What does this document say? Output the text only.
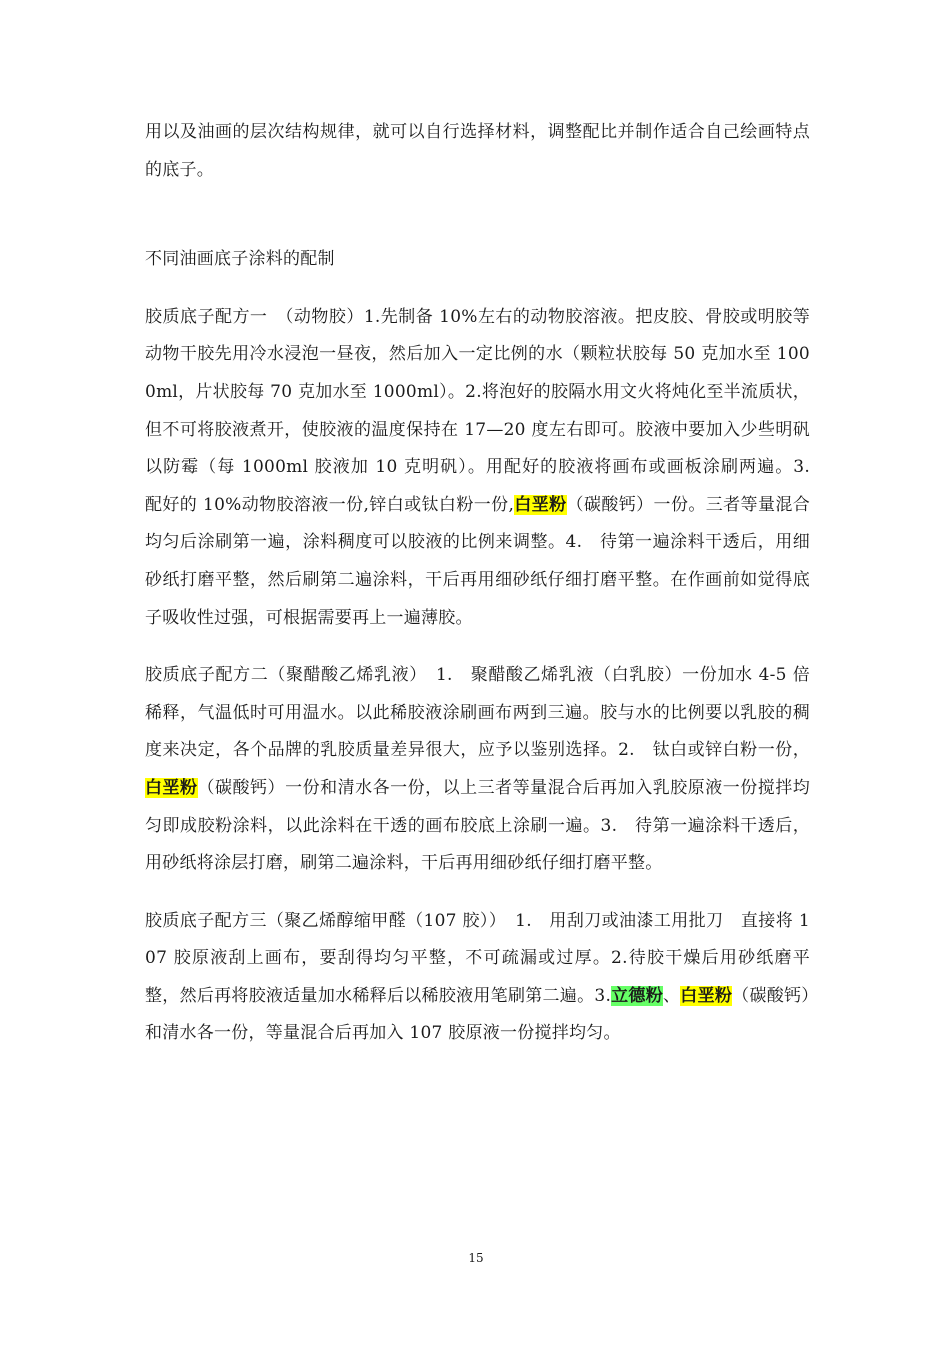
用以及油画的层次结构规律，就可以自行选择材料，调整配比并制作适合自己绘画特点的底子。

不同油画底子涂料的配制

胶质底子配方一　（动物胶）1.先制备 10%左右的动物胶溶液。把皮胶、骨胶或明胶等动物干胶先用冷水浸泡一昼夜，然后加入一定比例的水（颗粒状胶每 50 克加水至 1000ml，片状胶每 70 克加水至 1000ml）。2.将泡好的胶隔水用文火将炖化至半流质状，但不可将胶液煮开，使胶液的温度保持在 17—20 度左右即可。胶液中要加入少些明矾以防霉（每 1000ml 胶液加 10 克明矾）。用配好的胶液将画布或画板涂刷两遍。3.　配好的 10%动物胶溶液一份,锌白或钛白粉一份,白垩粉（碳酸钙）一份。三者等量混合均匀后涂刷第一遍，涂料稠度可以胶液的比例来调整。4.　待第一遍涂料干透后，用细砂纸打磨平整，然后刷第二遍涂料，干后再用细砂纸仔细打磨平整。在作画前如觉得底子吸收性过强，可根据需要再上一遍薄胶。

胶质底子配方二（聚醋酸乙烯乳液）　1.　聚醋酸乙烯乳液（白乳胶）一份加水 4-5 倍稀释，气温低时可用温水。以此稀胶液涂刷画布两到三遍。胶与水的比例要以乳胶的稠度来决定，各个品牌的乳胶质量差异很大，应予以鉴别选择。2.　钛白或锌白粉一份，白垩粉（碳酸钙）一份和清水各一份，以上三者等量混合后再加入乳胶原液一份搅拌均匀即成胶粉涂料，以此涂料在干透的画布胶底上涂刷一遍。3.　待第一遍涂料干透后，用砂纸将涂层打磨，刷第二遍涂料，干后再用细砂纸仔细打磨平整。

胶质底子配方三（聚乙烯醇缩甲醛（107 胶））　1.　用刮刀或油漆工用批刀　直接将 107 胶原液刮上画布，要刮得均匀平整，不可疏漏或过厚。2.待胶干燥后用砂纸磨平整，然后再将胶液适量加水稀释后以稀胶液用笔刷第二遍。3.立德粉、白垩粉（碳酸钙）和清水各一份，等量混合后再加入 107 胶原液一份搅拌均匀。

15
